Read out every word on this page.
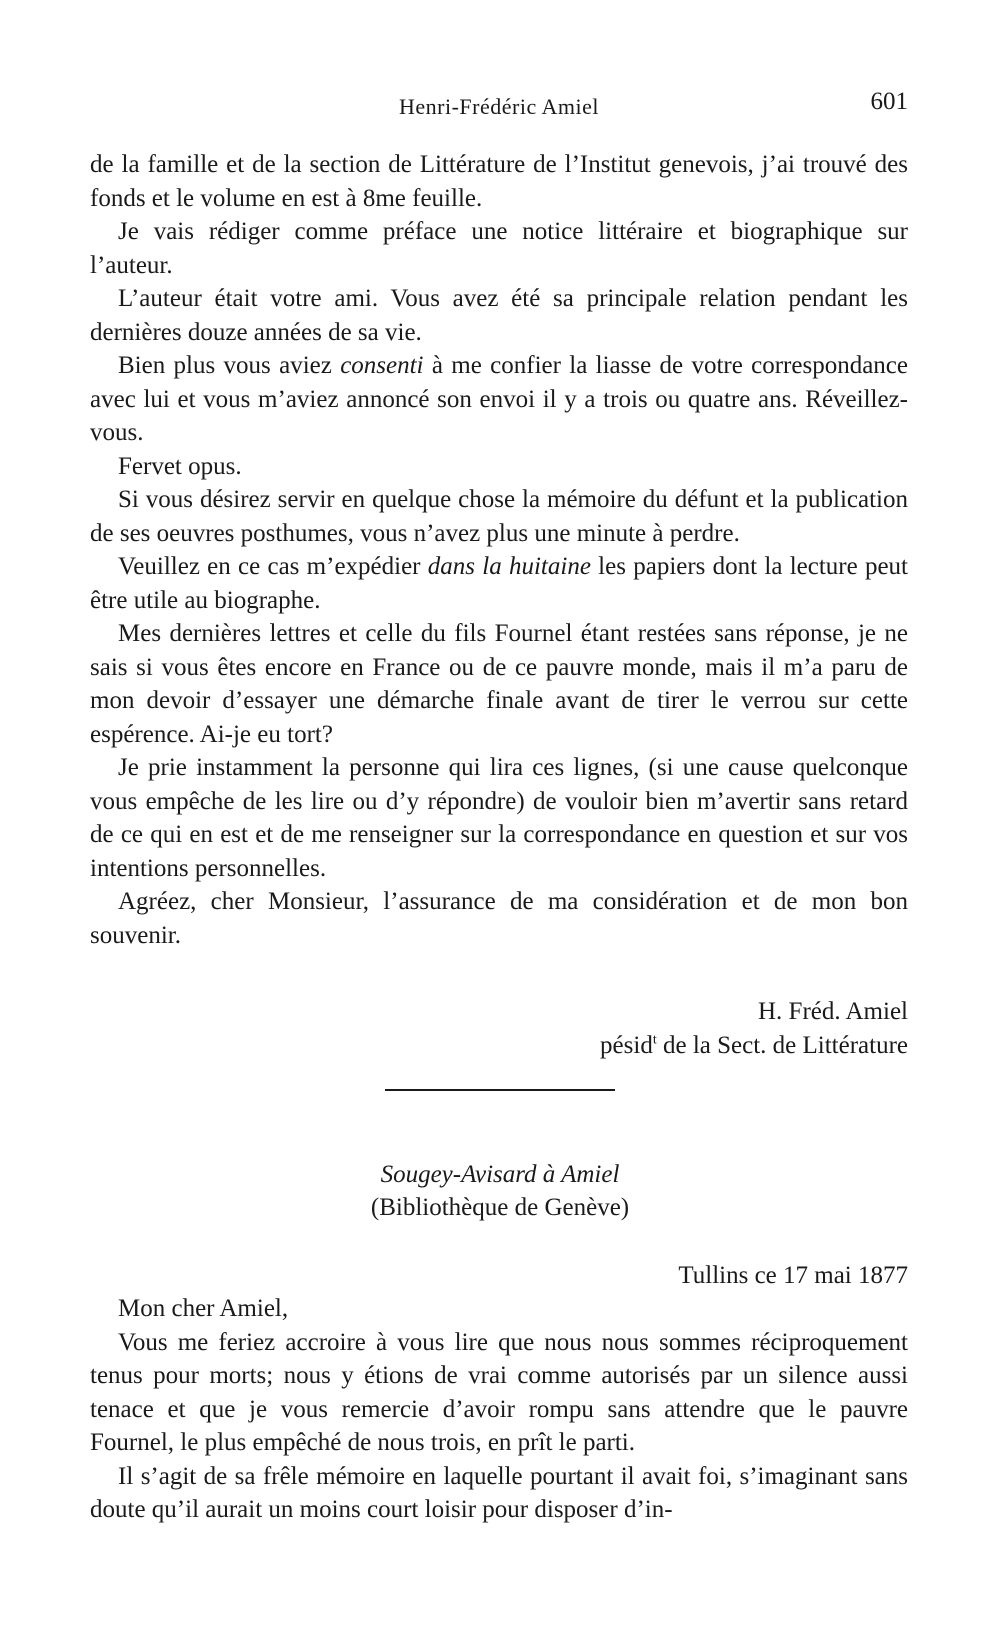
Henri-Frédéric Amiel	601

de la famille et de la section de Littérature de l’Institut genevois, j’ai trouvé des fonds et le volume en est à 8me feuille.

Je vais rédiger comme préface une notice littéraire et biographique sur l’auteur.

L’auteur était votre ami. Vous avez été sa principale relation pendant les dernières douze années de sa vie.

Bien plus vous aviez consenti à me confier la liasse de votre correspondance avec lui et vous m’aviez annoncé son envoi il y a trois ou quatre ans. Réveillez-vous.

Fervet opus.

Si vous désirez servir en quelque chose la mémoire du défunt et la publication de ses oeuvres posthumes, vous n’avez plus une minute à perdre.

Veuillez en ce cas m’expédier dans la huitaine les papiers dont la lecture peut être utile au biographe.

Mes dernières lettres et celle du fils Fournel étant restées sans réponse, je ne sais si vous êtes encore en France ou de ce pauvre monde, mais il m’a paru de mon devoir d’essayer une démarche finale avant de tirer le verrou sur cette espérence. Ai-je eu tort?

Je prie instamment la personne qui lira ces lignes, (si une cause quelconque vous empêche de les lire ou d’y répondre) de vouloir bien m’avertir sans retard de ce qui en est et de me renseigner sur la correspondance en question et sur vos intentions personnelles.

Agréez, cher Monsieur, l’assurance de ma considération et de mon bon souvenir.

H. Fréd. Amiel
pésid$^t$ de la Sect. de Littérature
Sougey-Avisard à Amiel
(Bibliothèque de Genève)
Tullins ce 17 mai 1877

Mon cher Amiel,

Vous me feriez accroire à vous lire que nous nous sommes réciproquement tenus pour morts; nous y étions de vrai comme autorisés par un silence aussi tenace et que je vous remercie d’avoir rompu sans attendre que le pauvre Fournel, le plus empêché de nous trois, en prît le parti.

Il s’agit de sa frêle mémoire en laquelle pourtant il avait foi, s’imaginant sans doute qu’il aurait un moins court loisir pour disposer d’in-
